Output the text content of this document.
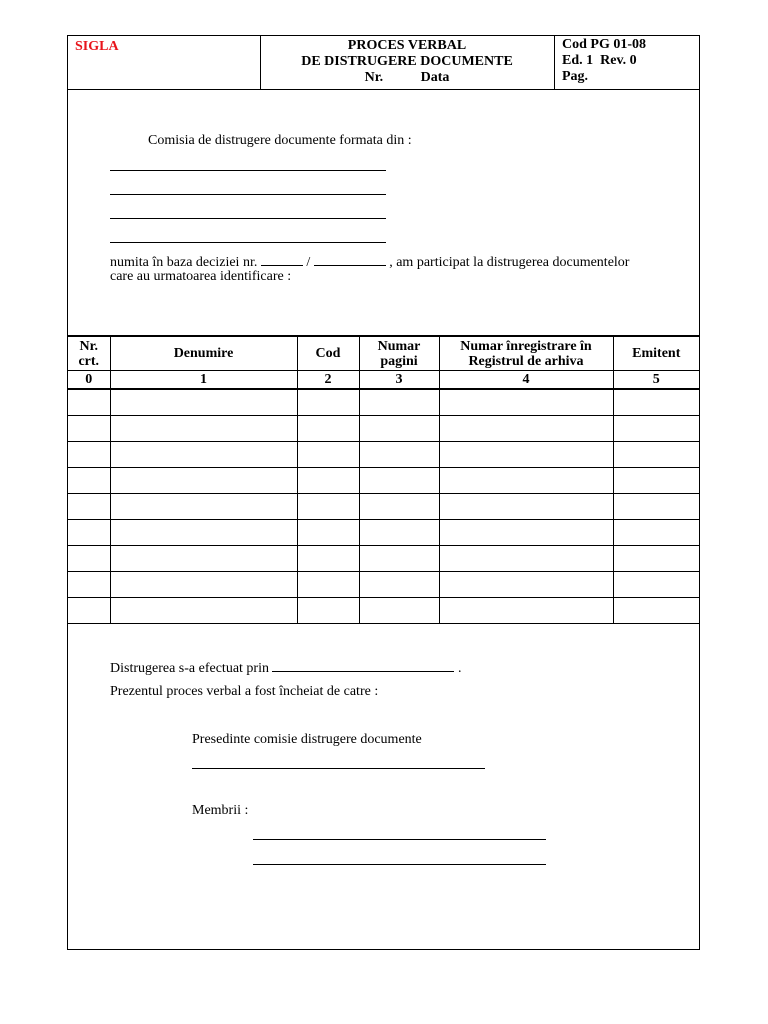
SIGLA	PROCES VERBAL
DE DISTRUGERE DOCUMENTE
Nr.	Data
Cod PG 01-08
Ed. 1 Rev. 0
Pag.
Comisia de distrugere documente formata din :
numita în baza deciziei nr.	/	, am participat la distrugerea documentelor
care au urmatoarea identificare :
Nr. crt.	Denumire	Cod	Numar pagini	Numar înregistrare în Registrul de arhiva	Emitent
0	1	2	3	4	5

Distrugerea s-a efectuat prin	.
Prezentul proces verbal a fost încheiat de catre :
Presedinte comisie distrugere documente
Membrii :
